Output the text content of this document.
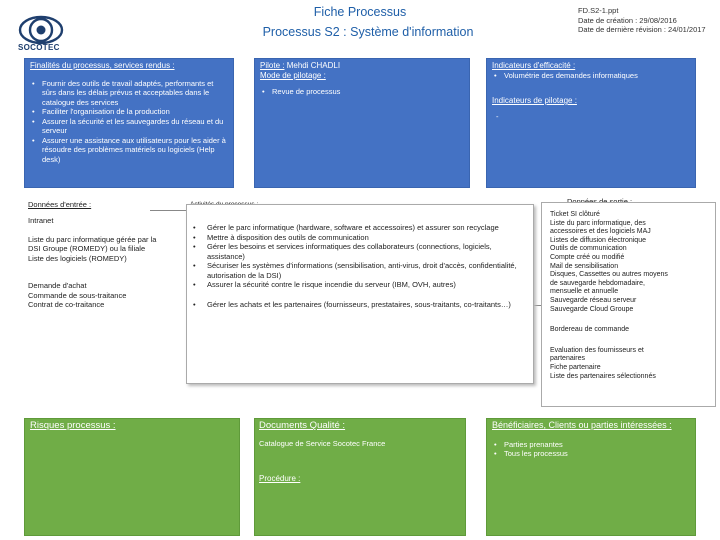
SOCOTEC
Fiche Processus
Processus S2 : Système d'information
FD.S2-1.ppt
Date de création : 29/08/2016
Date de dernière révision : 24/01/2017
Finalités du processus, services rendus :
• Fournir des outils de travail adaptés, performants et sûrs dans les délais prévus et acceptables dans le catalogue des services
• Faciliter l'organisation de la production
• Assurer la sécurité et les sauvegardes du réseau et du serveur
• Assurer une assistance aux utilisateurs pour les aider à résoudre des problèmes matériels ou logiciels (Help desk)
Pilote : Mehdi CHADLI
Mode de pilotage :
• Revue de processus
Indicateurs d'efficacité :
• Volumétrie des demandes informatiques
Indicateurs de pilotage :
-
Données d'entrée :
Intranet
Liste du parc informatique gérée par la
DSI Groupe (ROMEDY) ou la filiale
Liste des logiciels (ROMEDY)
Demande d'achat
Commande de sous-traitance
Contrat de co-traitance
• Gérer le parc informatique (hardware, software et accessoires) et assurer son recyclage
• Mettre à disposition des outils de communication
• Gérer les besoins et services informatiques des collaborateurs (connections, logiciels, assistance)
• Sécuriser les systèmes d'informations (sensibilisation, anti-virus, droit d'accès, confidentialité, autorisation de la DSI)
• Assurer la sécurité contre le risque incendie du serveur (IBM, OVH, autres)
• Gérer les achats et les partenaires (fournisseurs, prestataires, sous-traitants, co-traitants…)
Ticket SI clôturé
Liste du parc informatique, des
accessoires et des logiciels MAJ
Listes de diffusion électronique
Outils de communication
Compte créé ou modifié
Mail de sensibilisation
Disques, Cassettes ou autres moyens
de sauvegarde hebdomadaire,
mensuelle et annuelle
Sauvegarde réseau serveur
Sauvegarde Cloud Groupe
Bordereau de commande
Evaluation des fournisseurs et
partenaires
Fiche partenaire
Liste des partenaires sélectionnés
Risques processus :	Documents Qualité :
Catalogue de Service Socotec France
Procédure :
Bénéficiaires, Clients ou parties intéressées :
• Parties prenantes
• Tous les processus
